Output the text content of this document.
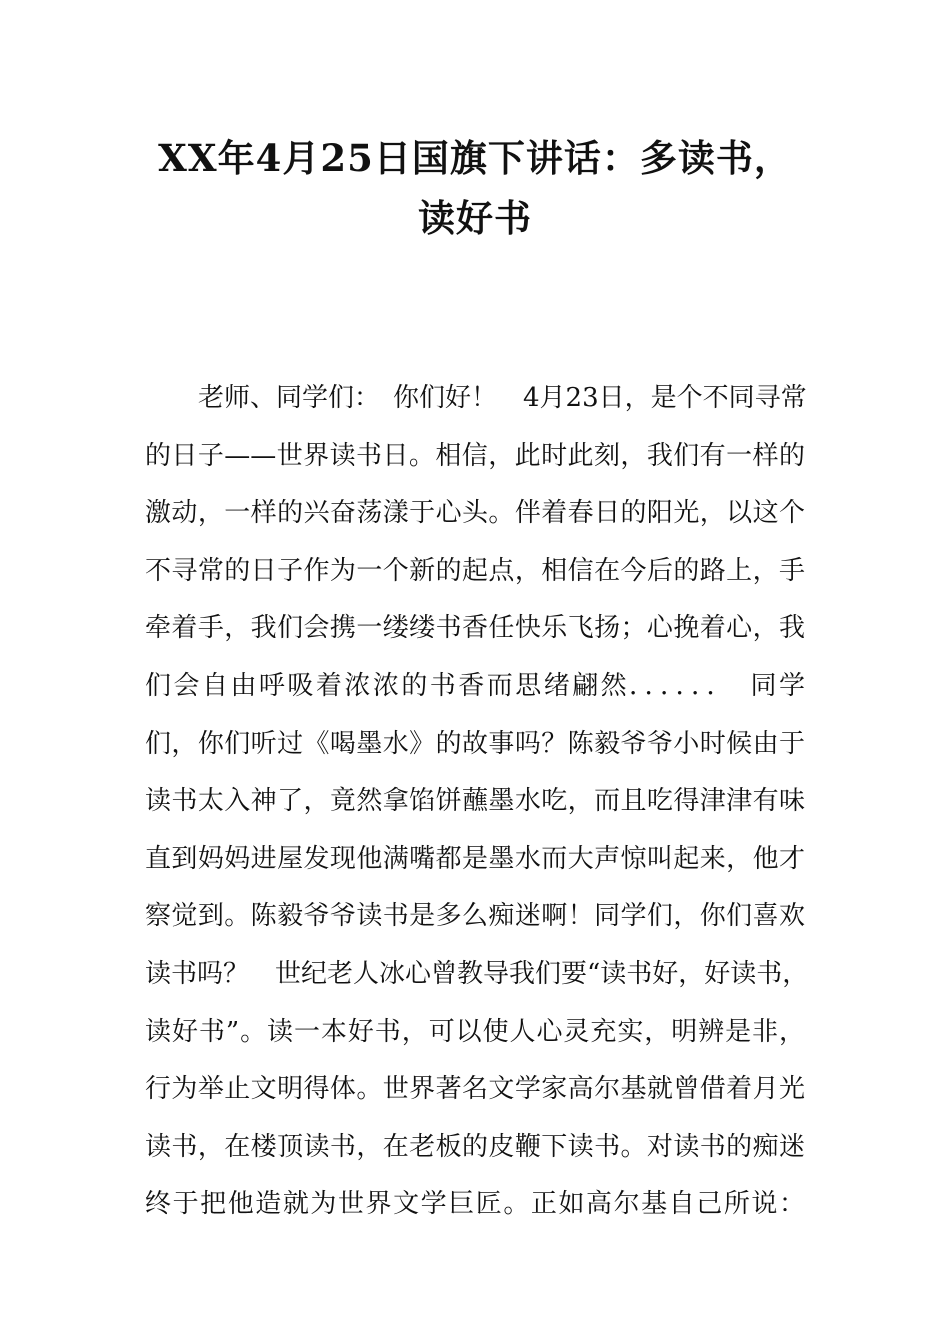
XX年4月25日国旗下讲话：多读书，
读好书
老师、同学们：　你们好！　4月23日，是个不同寻常
的日子——世界读书日。相信，此时此刻，我们有一样的
激动，一样的兴奋荡漾于心头。伴着春日的阳光，以这个
不寻常的日子作为一个新的起点，相信在今后的路上，手
牵着手，我们会携一缕缕书香任快乐飞扬；心挽着心，我
们会自由呼吸着浓浓的书香而思绪翩然．．．．．．　同学
们，你们听过《喝墨水》的故事吗？陈毅爷爷小时候由于
读书太入神了，竟然拿馅饼蘸墨水吃，而且吃得津津有味
直到妈妈进屋发现他满嘴都是墨水而大声惊叫起来，他才
察觉到。陈毅爷爷读书是多么痴迷啊！同学们，你们喜欢
读书吗？　世纪老人冰心曾教导我们要“读书好，好读书，
读好书”。读一本好书，可以使人心灵充实，明辨是非，
行为举止文明得体。世界著名文学家高尔基就曾借着月光
读书，在楼顶读书，在老板的皮鞭下读书。对读书的痴迷
终于把他造就为世界文学巨匠。正如高尔基自己所说：
